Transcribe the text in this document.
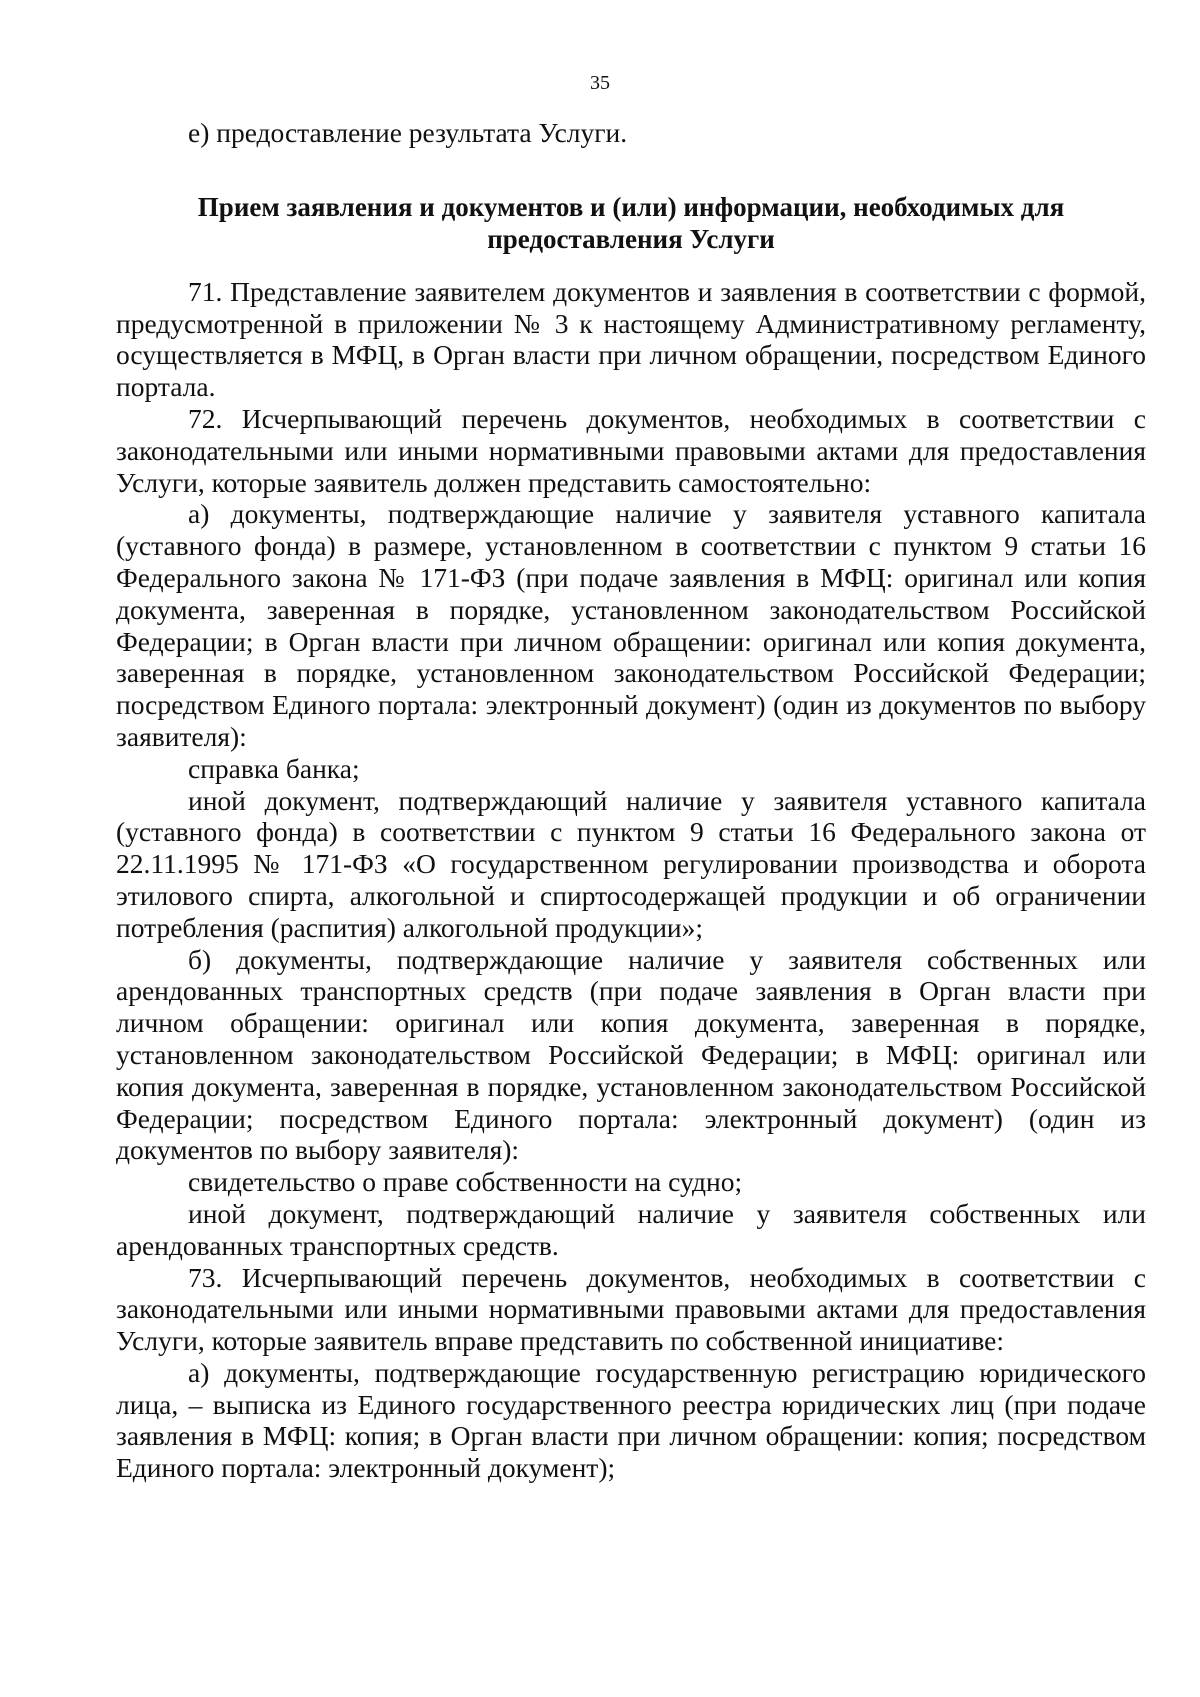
35

е) предоставление результата Услуги.

Прием заявления и документов и (или) информации, необходимых для
предоставления Услуги

71. Представление заявителем документов и заявления в соответствии с формой, предусмотренной в приложении № 3 к настоящему Административному регламенту, осуществляется в МФЦ, в Орган власти при личном обращении, посредством Единого портала.

72. Исчерпывающий перечень документов, необходимых в соответствии с законодательными или иными нормативными правовыми актами для предоставления Услуги, которые заявитель должен представить самостоятельно:

а) документы, подтверждающие наличие у заявителя уставного капитала (уставного фонда) в размере, установленном в соответствии с пунктом 9 статьи 16 Федерального закона № 171-ФЗ (при подаче заявления в МФЦ: оригинал или копия документа, заверенная в порядке, установленном законодательством Российской Федерации; в Орган власти при личном обращении: оригинал или копия документа, заверенная в порядке, установленном законодательством Российской Федерации; посредством Единого портала: электронный документ) (один из документов по выбору заявителя):

справка банка;

иной документ, подтверждающий наличие у заявителя уставного капитала (уставного фонда) в соответствии с пунктом 9 статьи 16 Федерального закона от 22.11.1995 № 171-ФЗ «О государственном регулировании производства и оборота этилового спирта, алкогольной и спиртосодержащей продукции и об ограничении потребления (распития) алкогольной продукции»;

б) документы, подтверждающие наличие у заявителя собственных или арендованных транспортных средств (при подаче заявления в Орган власти при личном обращении: оригинал или копия документа, заверенная в порядке, установленном законодательством Российской Федерации; в МФЦ: оригинал или копия документа, заверенная в порядке, установленном законодательством Российской Федерации; посредством Единого портала: электронный документ) (один из документов по выбору заявителя):

свидетельство о праве собственности на судно;

иной документ, подтверждающий наличие у заявителя собственных или арендованных транспортных средств.

73. Исчерпывающий перечень документов, необходимых в соответствии с законодательными или иными нормативными правовыми актами для предоставления Услуги, которые заявитель вправе представить по собственной инициативе:

а) документы, подтверждающие государственную регистрацию юридического лица, – выписка из Единого государственного реестра юридических лиц (при подаче заявления в МФЦ: копия; в Орган власти при личном обращении: копия; посредством Единого портала: электронный документ);
